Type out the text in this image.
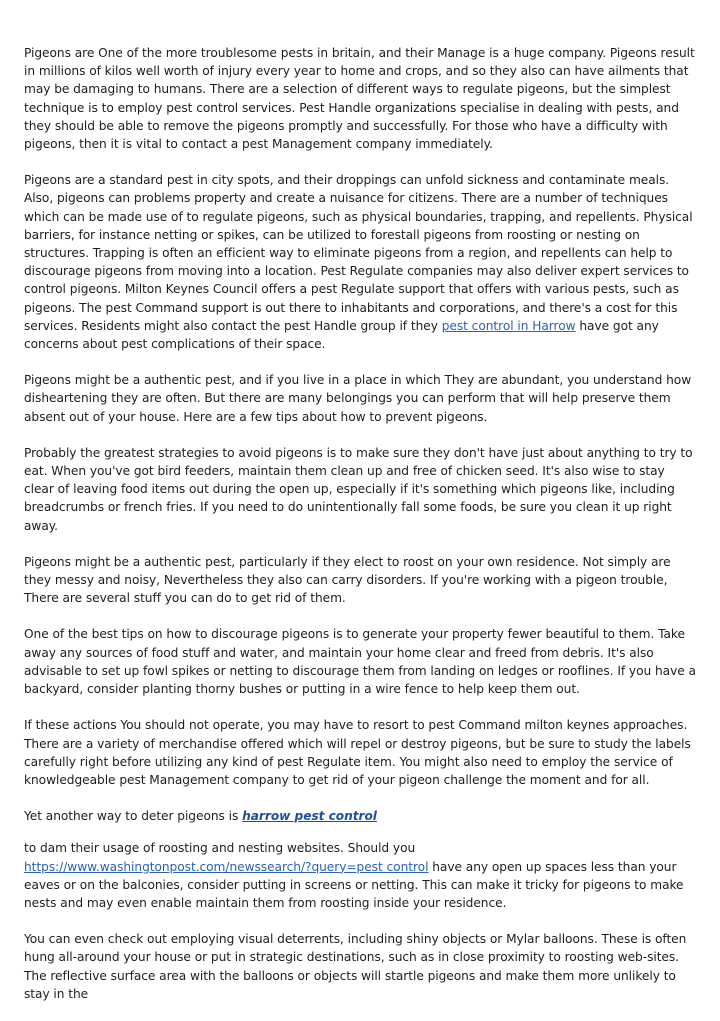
Pigeons are One of the more troublesome pests in britain, and their Manage is a huge company. Pigeons result in millions of kilos well worth of injury every year to home and crops, and so they also can have ailments that may be damaging to humans. There are a selection of different ways to regulate pigeons, but the simplest technique is to employ pest control services. Pest Handle organizations specialise in dealing with pests, and they should be able to remove the pigeons promptly and successfully. For those who have a difficulty with pigeons, then it is vital to contact a pest Management company immediately.

Pigeons are a standard pest in city spots, and their droppings can unfold sickness and contaminate meals. Also, pigeons can problems property and create a nuisance for citizens. There are a number of techniques which can be made use of to regulate pigeons, such as physical boundaries, trapping, and repellents. Physical barriers, for instance netting or spikes, can be utilized to forestall pigeons from roosting or nesting on structures. Trapping is often an efficient way to eliminate pigeons from a region, and repellents can help to discourage pigeons from moving into a location. Pest Regulate companies may also deliver expert services to control pigeons. Milton Keynes Council offers a pest Regulate support that offers with various pests, such as pigeons. The pest Command support is out there to inhabitants and corporations, and there's a cost for this services. Residents might also contact the pest Handle group if they pest control in Harrow have got any concerns about pest complications of their space.

Pigeons might be a authentic pest, and if you live in a place in which They are abundant, you understand how disheartening they are often. But there are many belongings you can perform that will help preserve them absent out of your house. Here are a few tips about how to prevent pigeons.

Probably the greatest strategies to avoid pigeons is to make sure they don't have just about anything to try to eat. When you've got bird feeders, maintain them clean up and free of chicken seed. It's also wise to stay clear of leaving food items out during the open up, especially if it's something which pigeons like, including breadcrumbs or french fries. If you need to do unintentionally fall some foods, be sure you clean it up right away.

Pigeons might be a authentic pest, particularly if they elect to roost on your own residence. Not simply are they messy and noisy, Nevertheless they also can carry disorders. If you're working with a pigeon trouble, There are several stuff you can do to get rid of them.

One of the best tips on how to discourage pigeons is to generate your property fewer beautiful to them. Take away any sources of food stuff and water, and maintain your home clear and freed from debris. It's also advisable to set up fowl spikes or netting to discourage them from landing on ledges or rooflines. If you have a backyard, consider planting thorny bushes or putting in a wire fence to help keep them out.

If these actions You should not operate, you may have to resort to pest Command milton keynes approaches. There are a variety of merchandise offered which will repel or destroy pigeons, but be sure to study the labels carefully right before utilizing any kind of pest Regulate item. You might also need to employ the service of knowledgeable pest Management company to get rid of your pigeon challenge the moment and for all.

Yet another way to deter pigeons is harrow pest control

to dam their usage of roosting and nesting websites. Should you https://www.washingtonpost.com/newssearch/?query=pest control have any open up spaces less than your eaves or on the balconies, consider putting in screens or netting. This can make it tricky for pigeons to make nests and may even enable maintain them from roosting inside your residence.

You can even check out employing visual deterrents, including shiny objects or Mylar balloons. These is often hung all-around your house or put in strategic destinations, such as in close proximity to roosting web-sites. The reflective surface area with the balloons or objects will startle pigeons and make them more unlikely to stay in the
